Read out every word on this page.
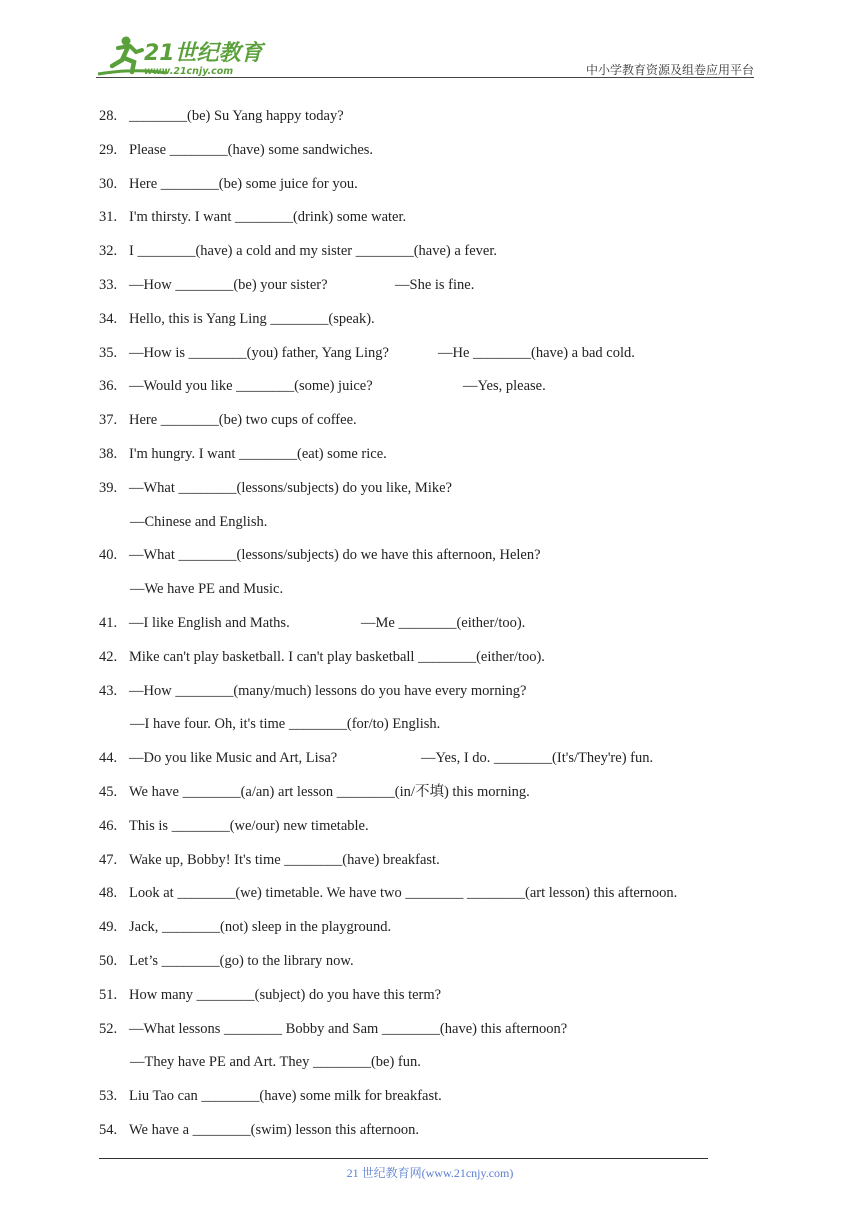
21世纪教育
www.21cnjy.com	中小学教育资源及组卷应用平台
28. ________(be) Su Yang happy today?
29. Please ________(have) some sandwiches.
30. Here ________(be) some juice for you.
31. I'm thirsty. I want ________(drink) some water.
32. I ________(have) a cold and my sister ________(have) a fever.
33. —How ________(be) your sister?	—She is fine.
34. Hello, this is Yang Ling ________(speak).
35. —How is ________(you) father, Yang Ling?	—He ________(have) a bad cold.
36. —Would you like ________(some) juice?	—Yes, please.
37. Here ________(be) two cups of coffee.
38. I'm hungry. I want ________(eat) some rice.
39. —What ________(lessons/subjects) do you like, Mike?
—Chinese and English.
40. —What ________(lessons/subjects) do we have this afternoon, Helen?
—We have PE and Music.
41. —I like English and Maths.	—Me ________(either/too).
42. Mike can't play basketball. I can't play basketball ________(either/too).
43. —How ________(many/much) lessons do you have every morning?
—I have four. Oh, it's time ________(for/to) English.
44. —Do you like Music and Art, Lisa?	—Yes, I do. ________(It's/They're) fun.
45. We have ________(a/an) art lesson ________(in/不填) this morning.
46. This is ________(we/our) new timetable.
47. Wake up, Bobby! It's time ________(have) breakfast.
48. Look at ________(we) timetable. We have two ________ ________(art lesson) this afternoon.
49. Jack, ________(not) sleep in the playground.
50. Let’s ________(go) to the library now.
51. How many ________(subject) do you have this term?
52. —What lessons ________ Bobby and Sam ________(have) this afternoon?
—They have PE and Art. They ________(be) fun.
53. Liu Tao can ________(have) some milk for breakfast.
54. We have a ________(swim) lesson this afternoon.
21 世纪教育网(www.21cnjy.com)
